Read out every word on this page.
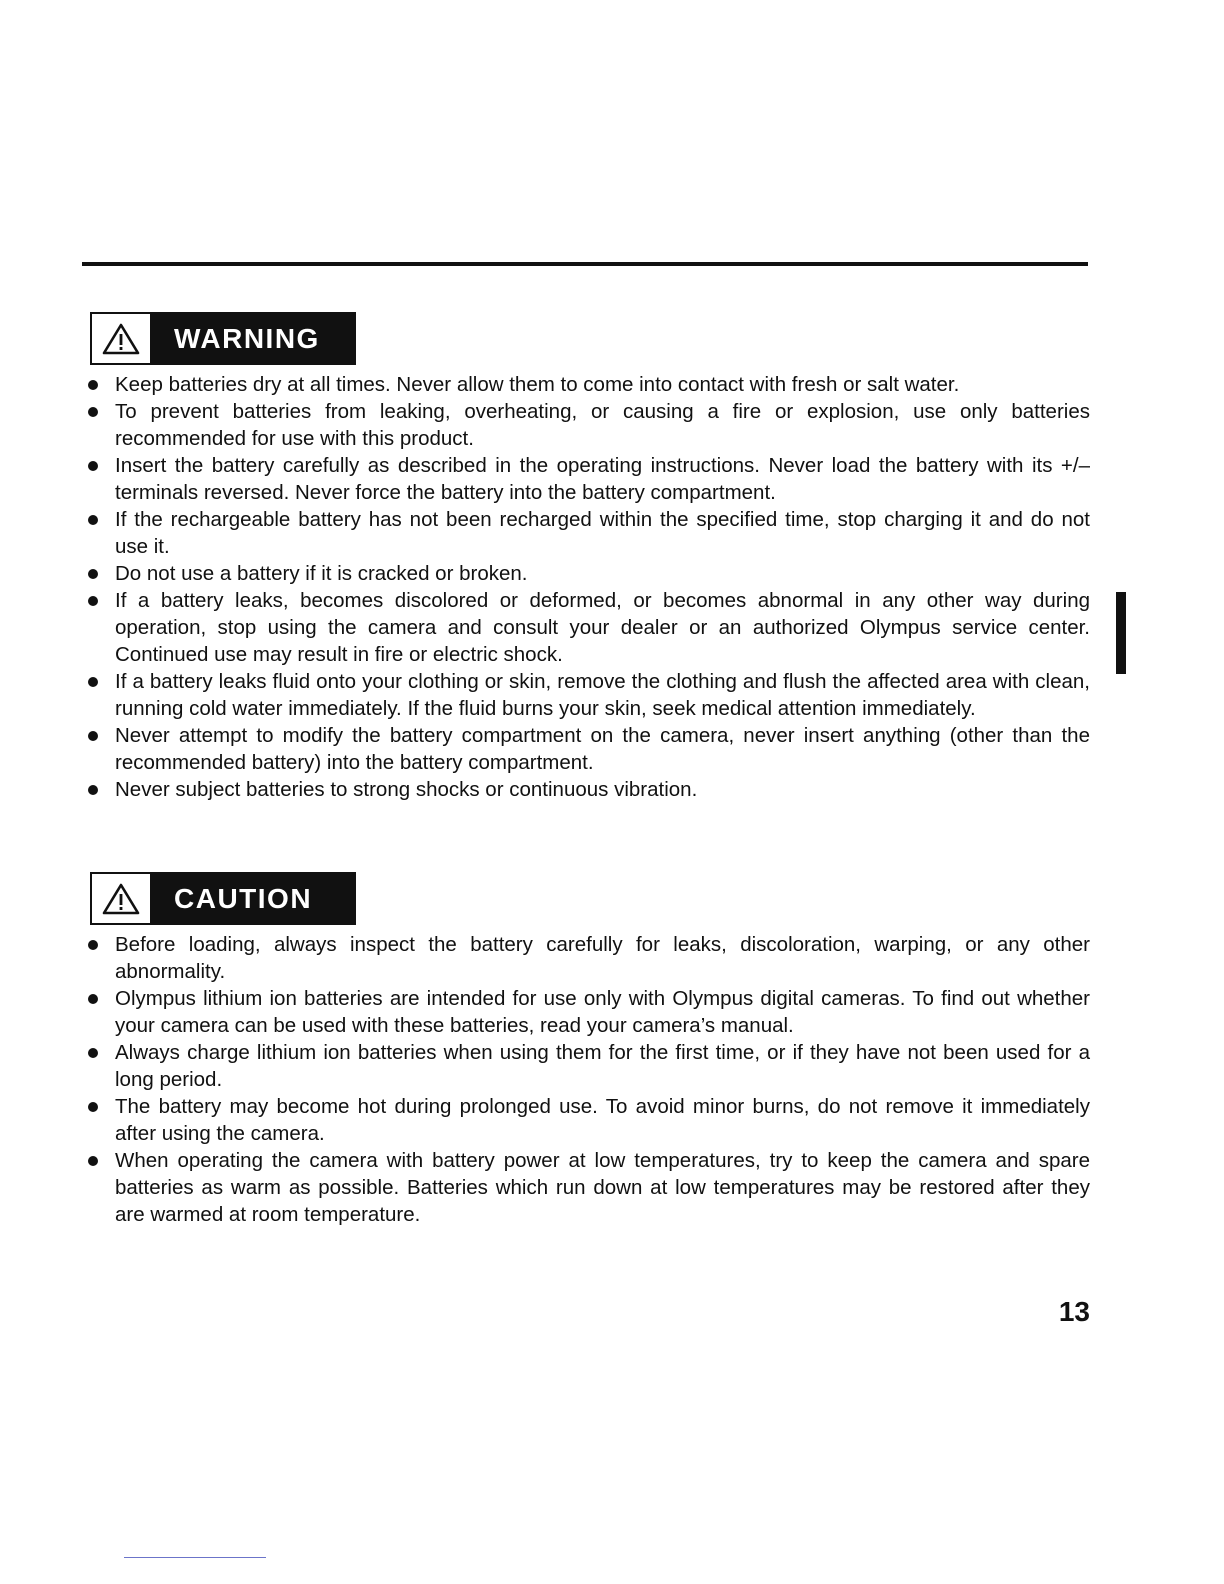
WARNING
Keep batteries dry at all times. Never allow them to come into contact with fresh or salt water.
To prevent batteries from leaking, overheating, or causing a fire or explosion, use only batteries recommended for use with this product.
Insert the battery carefully as described in the operating instructions. Never load the battery with its +/– terminals reversed. Never force the battery into the battery compartment.
If the rechargeable battery has not been recharged within the specified time, stop charging it and do not use it.
Do not use a battery if it is cracked or broken.
If a battery leaks, becomes discolored or deformed, or becomes abnormal in any other way during operation, stop using the camera and consult your dealer or an authorized Olympus service center. Continued use may result in fire or electric shock.
If a battery leaks fluid onto your clothing or skin, remove the clothing and flush the affected area with clean, running cold water immediately. If the fluid burns your skin, seek medical attention immediately.
Never attempt to modify the battery compartment on the camera, never insert anything (other than the recommended battery) into the battery compartment.
Never subject batteries to strong shocks or continuous vibration.
CAUTION
Before loading, always inspect the battery carefully for leaks, discoloration, warping, or any other abnormality.
Olympus lithium ion batteries are intended for use only with Olympus digital cameras. To find out whether your camera can be used with these batteries, read your camera’s manual.
Always charge lithium ion batteries when using them for the first time, or if they have not been used for a long period.
The battery may become hot during prolonged use. To avoid minor burns, do not remove it immediately after using the camera.
When operating the camera with battery power at low temperatures, try to keep the camera and spare batteries as warm as possible. Batteries which run down at low temperatures may be restored after they are warmed at room temperature.
13
